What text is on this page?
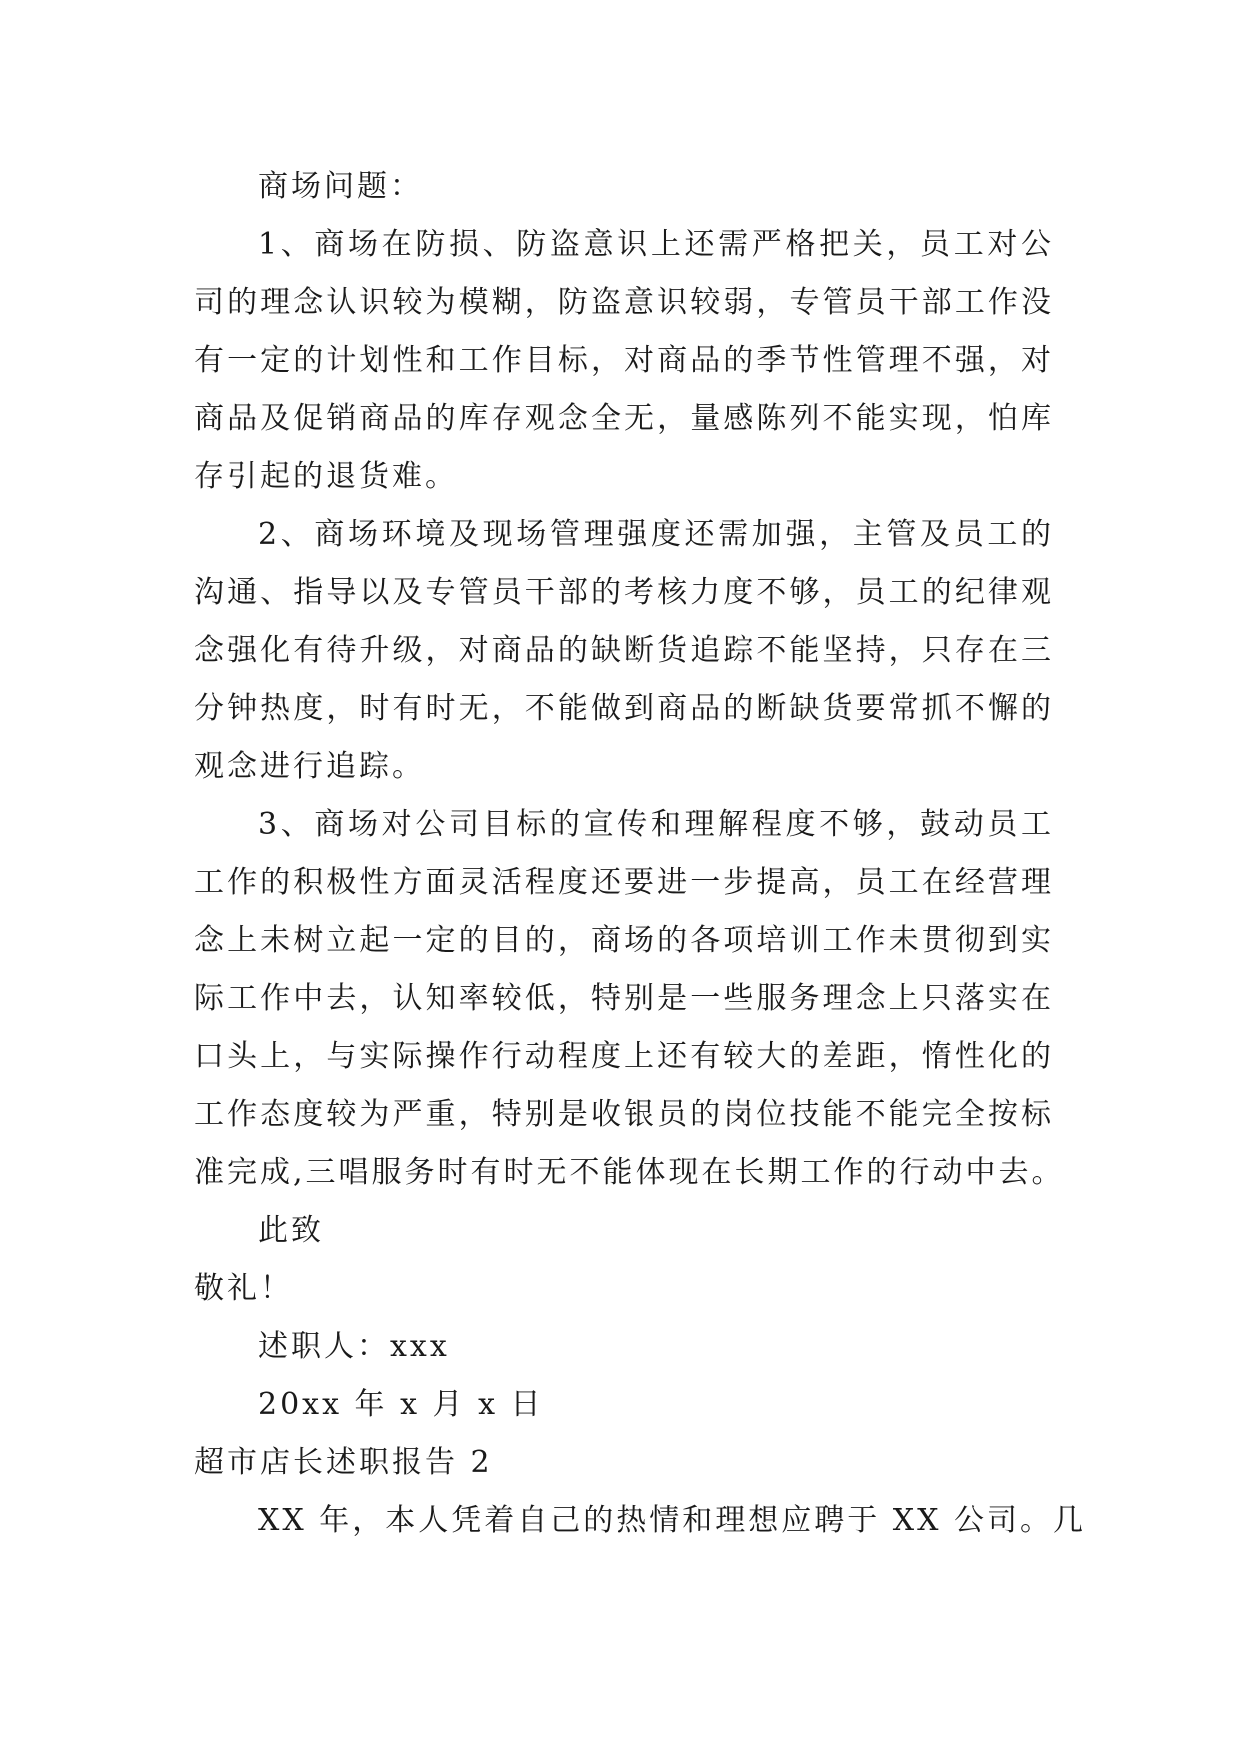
商场问题：
1、商场在防损、防盗意识上还需严格把关，员工对公
司的理念认识较为模糊，防盗意识较弱，专管员干部工作没
有一定的计划性和工作目标，对商品的季节性管理不强，对
商品及促销商品的库存观念全无，量感陈列不能实现，怕库
存引起的退货难。
2、商场环境及现场管理强度还需加强，主管及员工的
沟通、指导以及专管员干部的考核力度不够，员工的纪律观
念强化有待升级，对商品的缺断货追踪不能坚持，只存在三
分钟热度，时有时无，不能做到商品的断缺货要常抓不懈的
观念进行追踪。
3、商场对公司目标的宣传和理解程度不够，鼓动员工
工作的积极性方面灵活程度还要进一步提高，员工在经营理
念上未树立起一定的目的，商场的各项培训工作未贯彻到实
际工作中去，认知率较低，特别是一些服务理念上只落实在
口头上，与实际操作行动程度上还有较大的差距，惰性化的
工作态度较为严重，特别是收银员的岗位技能不能完全按标
准完成,三唱服务时有时无不能体现在长期工作的行动中去。
此致
敬礼！
述职人：xxx
20xx 年 x 月 x 日
超市店长述职报告 2
XX 年，本人凭着自己的热情和理想应聘于 XX 公司。几
